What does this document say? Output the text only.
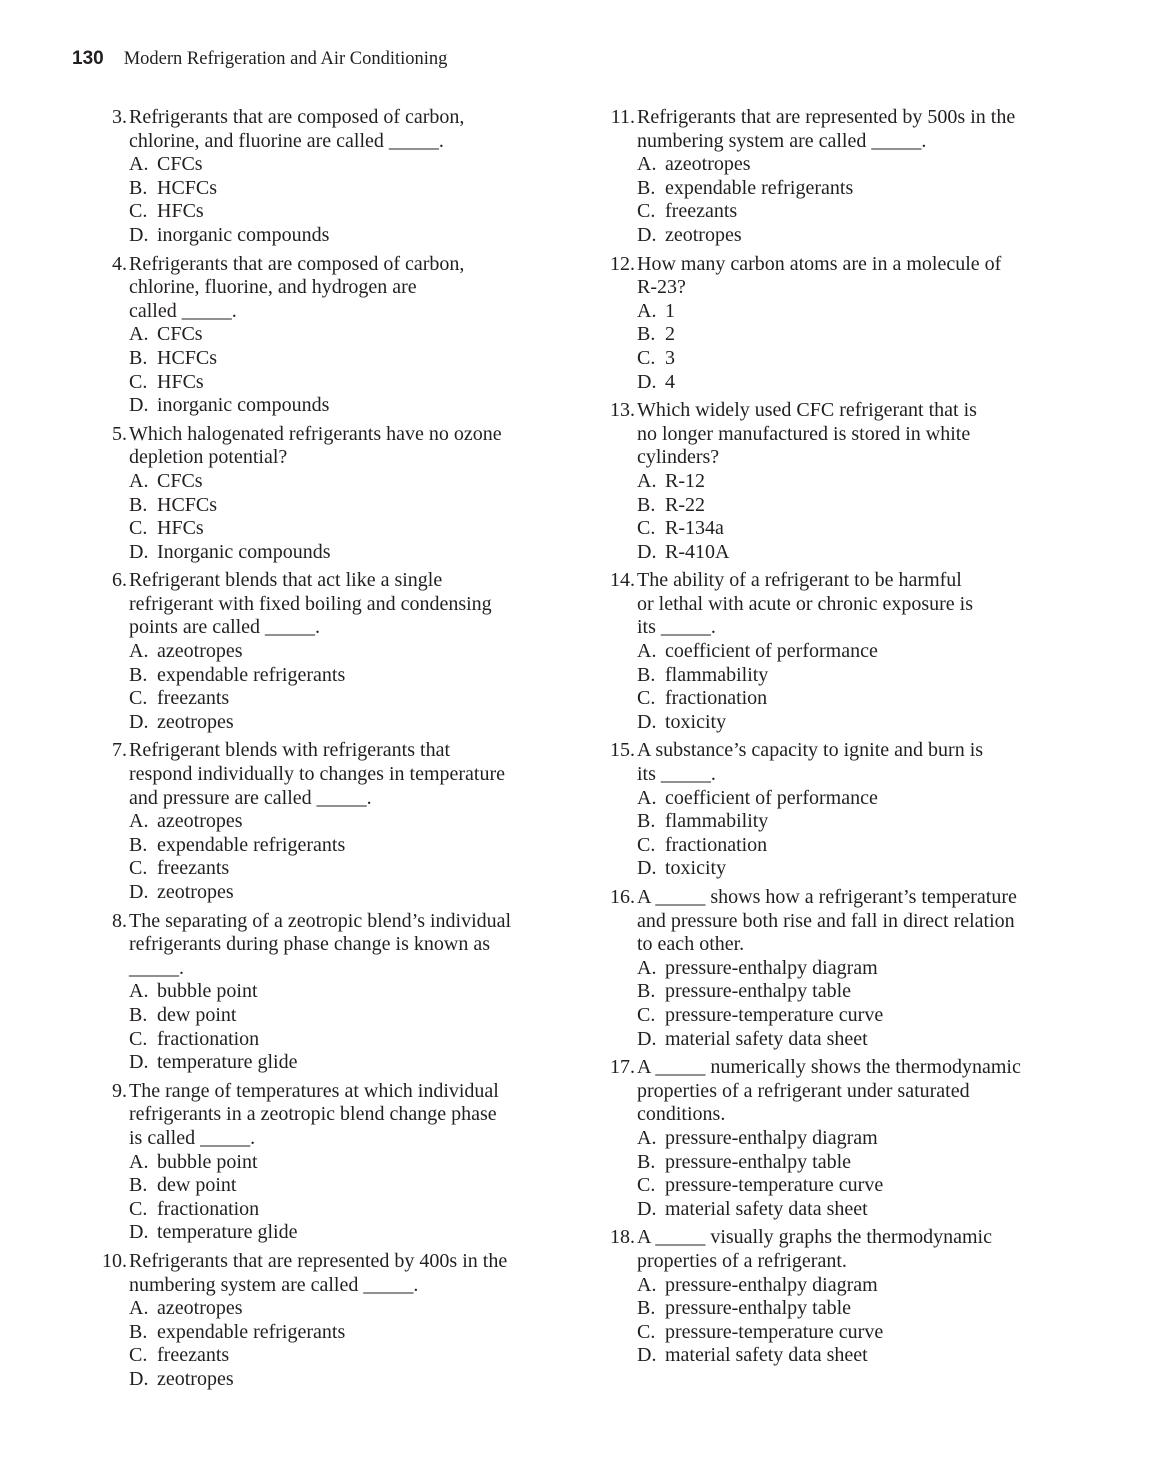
130 Modern Refrigeration and Air Conditioning
3. Refrigerants that are composed of carbon,
chlorine, and fluorine are called _____.
A. CFCs
B. HCFCs
C. HFCs
D. inorganic compounds
4. Refrigerants that are composed of carbon,
chlorine, fluorine, and hydrogen are
called _____.
A. CFCs
B. HCFCs
C. HFCs
D. inorganic compounds
5. Which halogenated refrigerants have no ozone
depletion potential?
A. CFCs
B. HCFCs
C. HFCs
D. Inorganic compounds
6. Refrigerant blends that act like a single
refrigerant with fixed boiling and condensing
points are called _____.
A. azeotropes
B. expendable refrigerants
C. freezants
D. zeotropes
7. Refrigerant blends with refrigerants that
respond individually to changes in temperature
and pressure are called _____.
A. azeotropes
B. expendable refrigerants
C. freezants
D. zeotropes
8. The separating of a zeotropic blend’s individual
refrigerants during phase change is known as
_____.
A. bubble point
B. dew point
C. fractionation
D. temperature glide
9. The range of temperatures at which individual
refrigerants in a zeotropic blend change phase
is called _____.
A. bubble point
B. dew point
C. fractionation
D. temperature glide
10. Refrigerants that are represented by 400s in the
numbering system are called _____.
A. azeotropes
B. expendable refrigerants
C. freezants
D. zeotropes
11. Refrigerants that are represented by 500s in the
numbering system are called _____.
A. azeotropes
B. expendable refrigerants
C. freezants
D. zeotropes
12. How many carbon atoms are in a molecule of
R-23?
A. 1
B. 2
C. 3
D. 4
13. Which widely used CFC refrigerant that is
no longer manufactured is stored in white
cylinders?
A. R-12
B. R-22
C. R-134a
D. R-410A
14. The ability of a refrigerant to be harmful
or lethal with acute or chronic exposure is
its _____.
A. coefficient of performance
B. flammability
C. fractionation
D. toxicity
15. A substance’s capacity to ignite and burn is
its _____.
A. coefficient of performance
B. flammability
C. fractionation
D. toxicity
16. A _____ shows how a refrigerant’s temperature
and pressure both rise and fall in direct relation
to each other.
A. pressure-enthalpy diagram
B. pressure-enthalpy table
C. pressure-temperature curve
D. material safety data sheet
17. A _____ numerically shows the thermodynamic
properties of a refrigerant under saturated
conditions.
A. pressure-enthalpy diagram
B. pressure-enthalpy table
C. pressure-temperature curve
D. material safety data sheet
18. A _____ visually graphs the thermodynamic
properties of a refrigerant.
A. pressure-enthalpy diagram
B. pressure-enthalpy table
C. pressure-temperature curve
D. material safety data sheet
